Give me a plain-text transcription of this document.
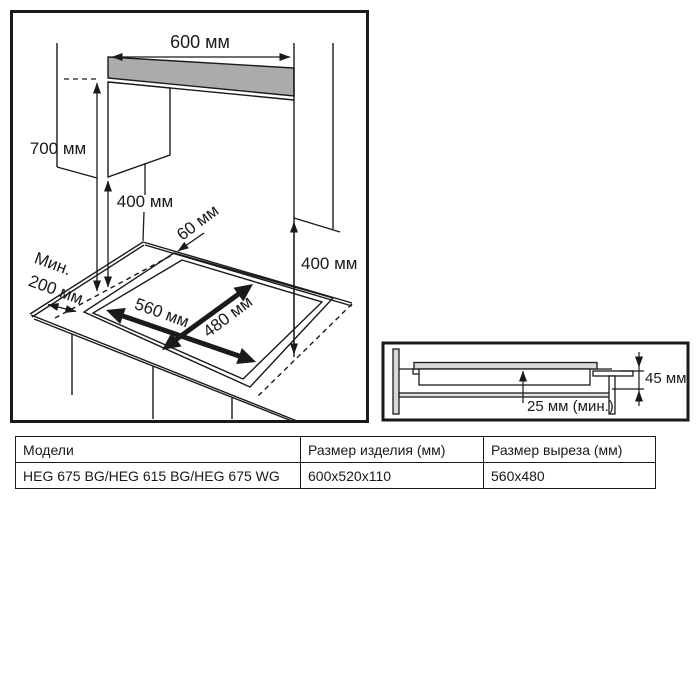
600 мм
700 мм
400 мм
400 мм
60 мм
560 мм 480 мм
Мин.
200 мм
25 мм (мин.)
45 мм
Модели	Размер изделия (мм)	Размер выреза (мм)
HEG 675 BG/HEG 615 BG/HEG 675 WG	600x520x110	560x480
